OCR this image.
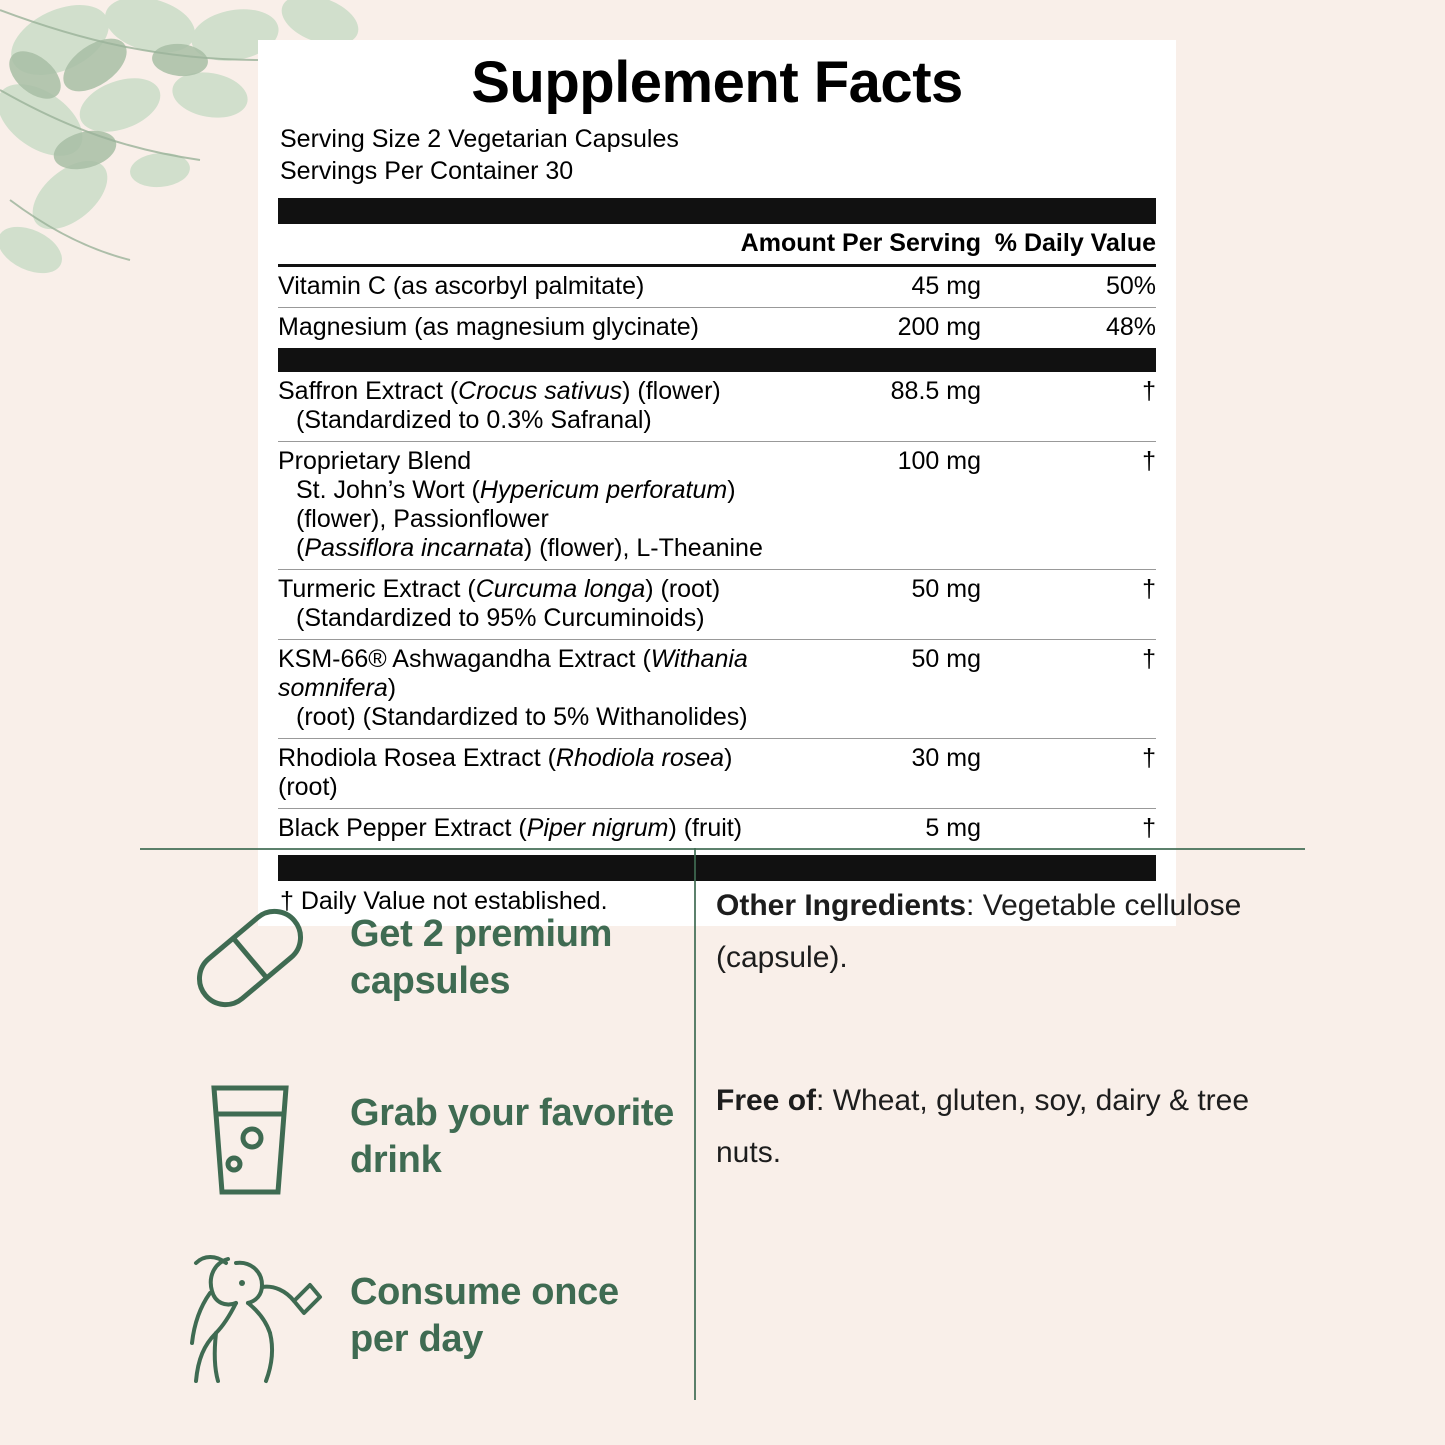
Supplement Facts
Serving Size 2 Vegetarian Capsules
Servings Per Container 30
	Amount Per Serving	% Daily Value
Vitamin C (as ascorbyl palmitate)	45 mg	50%
Magnesium (as magnesium glycinate)	200 mg	48%
Saffron Extract (Crocus sativus) (flower)
(Standardized to 0.3% Safranal)	88.5 mg	†
Proprietary Blend
St. John’s Wort (Hypericum perforatum) (flower), Passionflower
(Passiflora incarnata) (flower), L-Theanine	100 mg	†
Turmeric Extract (Curcuma longa) (root)
(Standardized to 95% Curcuminoids)	50 mg	†
KSM-66® Ashwagandha Extract (Withania somnifera)
(root) (Standardized to 5% Withanolides)	50 mg	†
Rhodiola Rosea Extract (Rhodiola rosea) (root)	30 mg	†
Black Pepper Extract (Piper nigrum) (fruit)	5 mg	†
† Daily Value not established.
Get 2 premium capsules
Grab your favorite drink
Consume once per day
Other Ingredients: Vegetable cellulose (capsule).
Free of: Wheat, gluten, soy, dairy & tree nuts.
